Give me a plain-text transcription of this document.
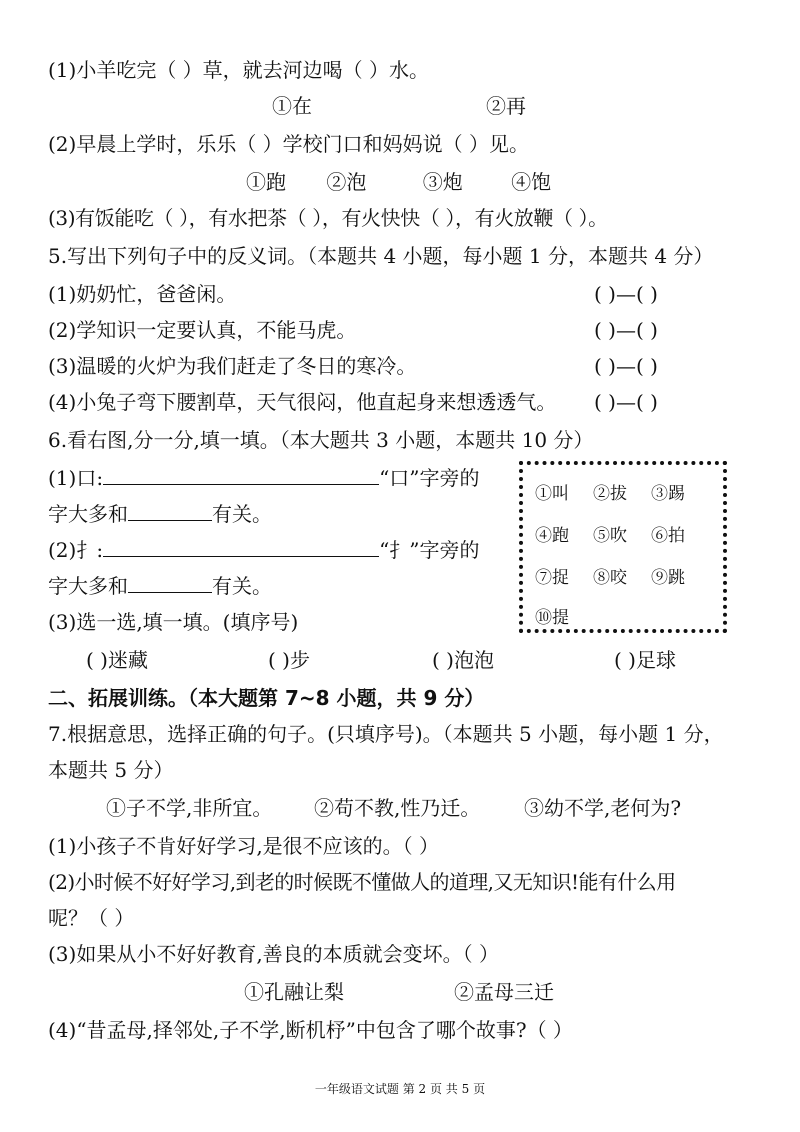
(1)小羊吃完（ ）草，就去河边喝（ ）水。
①在	②再
(2)早晨上学时，乐乐（ ）学校门口和妈妈说（ ）见。
①跑 ②泡	③炮 ④饱
(3)有饭能吃（ ），有水把茶（ ），有火快快（ ），有火放鞭（ ）。
5.写出下列句子中的反义词。（本题共 4 小题，每小题 1 分，本题共 4 分）
(1)奶奶忙，爸爸闲。	( )—( )
(2)学知识一定要认真，不能马虎。	( )—( )
(3)温暖的火炉为我们赶走了冬日的寒冷。	( )—( )
(4)小兔子弯下腰割草，天气很闷，他直起身来想透透气。 ( )—( )
6.看右图,分一分,填一填。（本大题共 3 小题，本题共 10 分）
(1)口:	“口”字旁的
字大多和	有关。
(2)扌:	“扌”字旁的
字大多和	有关。
(3)选一选,填一填。(填序号)
①叫 ②拔 ③踢
④跑 ⑤吹 ⑥拍
⑦捉 ⑧咬 ⑨跳
⑩提
( )迷藏	( )步	( )泡泡	( )足球
二、拓展训练。（本大题第 7~8 小题，共 9 分）
7.根据意思，选择正确的句子。(只填序号)。（本题共 5 小题，每小题 1 分，
本题共 5 分）
①子不学,非所宜。 ②苟不教,性乃迁。 ③幼不学,老何为?
(1)小孩子不肯好好学习,是很不应该的。（ ）
(2)小时候不好好学习,到老的时候既不懂做人的道理,又无知识!能有什么用
呢？（ ）
(3)如果从小不好好教育,善良的本质就会变坏。（ ）
①孔融让梨	②孟母三迁
(4)“昔孟母,择邻处,子不学,断机杼”中包含了哪个故事?（ ）
一年级语文试题 第 2 页 共 5 页
